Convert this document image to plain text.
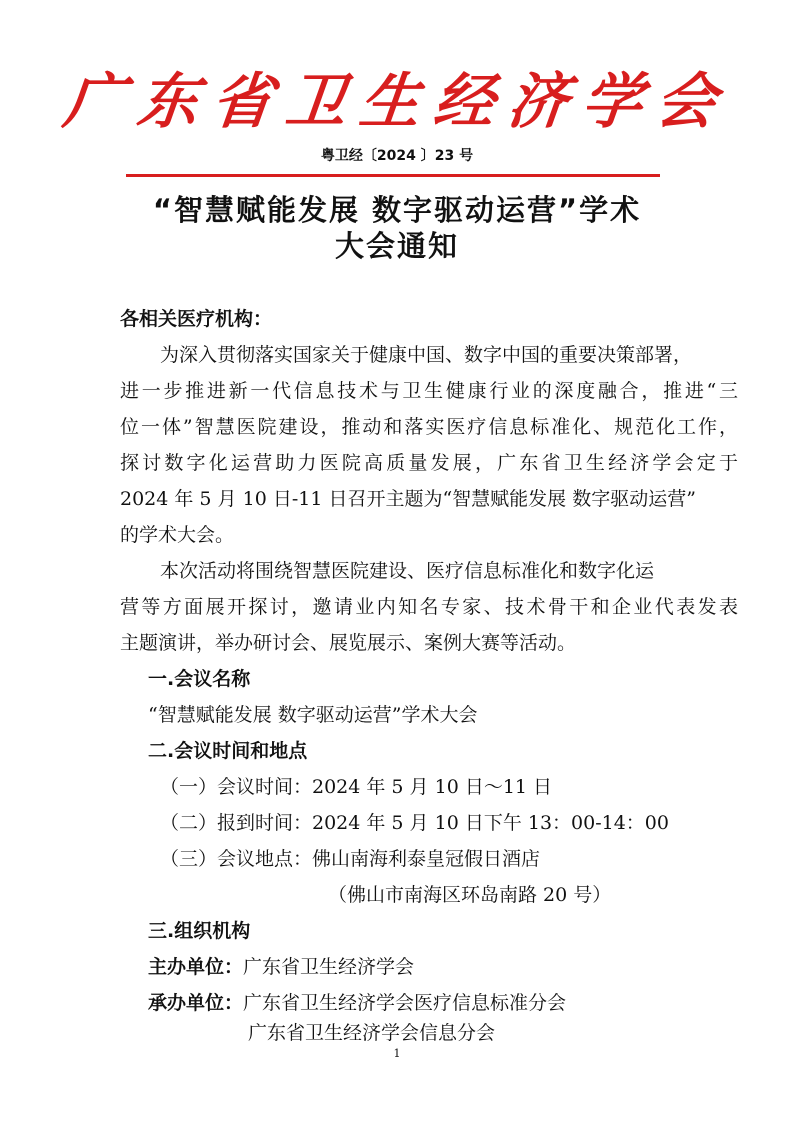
广东省卫生经济学会
粤卫经〔2024 〕23 号
“智慧赋能发展 数字驱动运营”学术
大会通知
各相关医疗机构：
为深入贯彻落实国家关于健康中国、数字中国的重要决策部署，
进一步推进新一代信息技术与卫生健康行业的深度融合，推进“三
位一体”智慧医院建设，推动和落实医疗信息标准化、规范化工作，
探讨数字化运营助力医院高质量发展，广东省卫生经济学会定于
2024 年 5 月 10 日-11 日召开主题为“智慧赋能发展 数字驱动运营”
的学术大会。
本次活动将围绕智慧医院建设、医疗信息标准化和数字化运
营等方面展开探讨，邀请业内知名专家、技术骨干和企业代表发表
主题演讲，举办研讨会、展览展示、案例大赛等活动。
一.会议名称
“智慧赋能发展 数字驱动运营”学术大会
二.会议时间和地点
（一）会议时间：2024 年 5 月 10 日～11 日
（二）报到时间：2024 年 5 月 10 日下午 13：00-14：00
（三）会议地点：佛山南海利泰皇冠假日酒店
（佛山市南海区环岛南路 20 号）
三.组织机构
主办单位：广东省卫生经济学会
承办单位：广东省卫生经济学会医疗信息标准分会
广东省卫生经济学会信息分会
1
